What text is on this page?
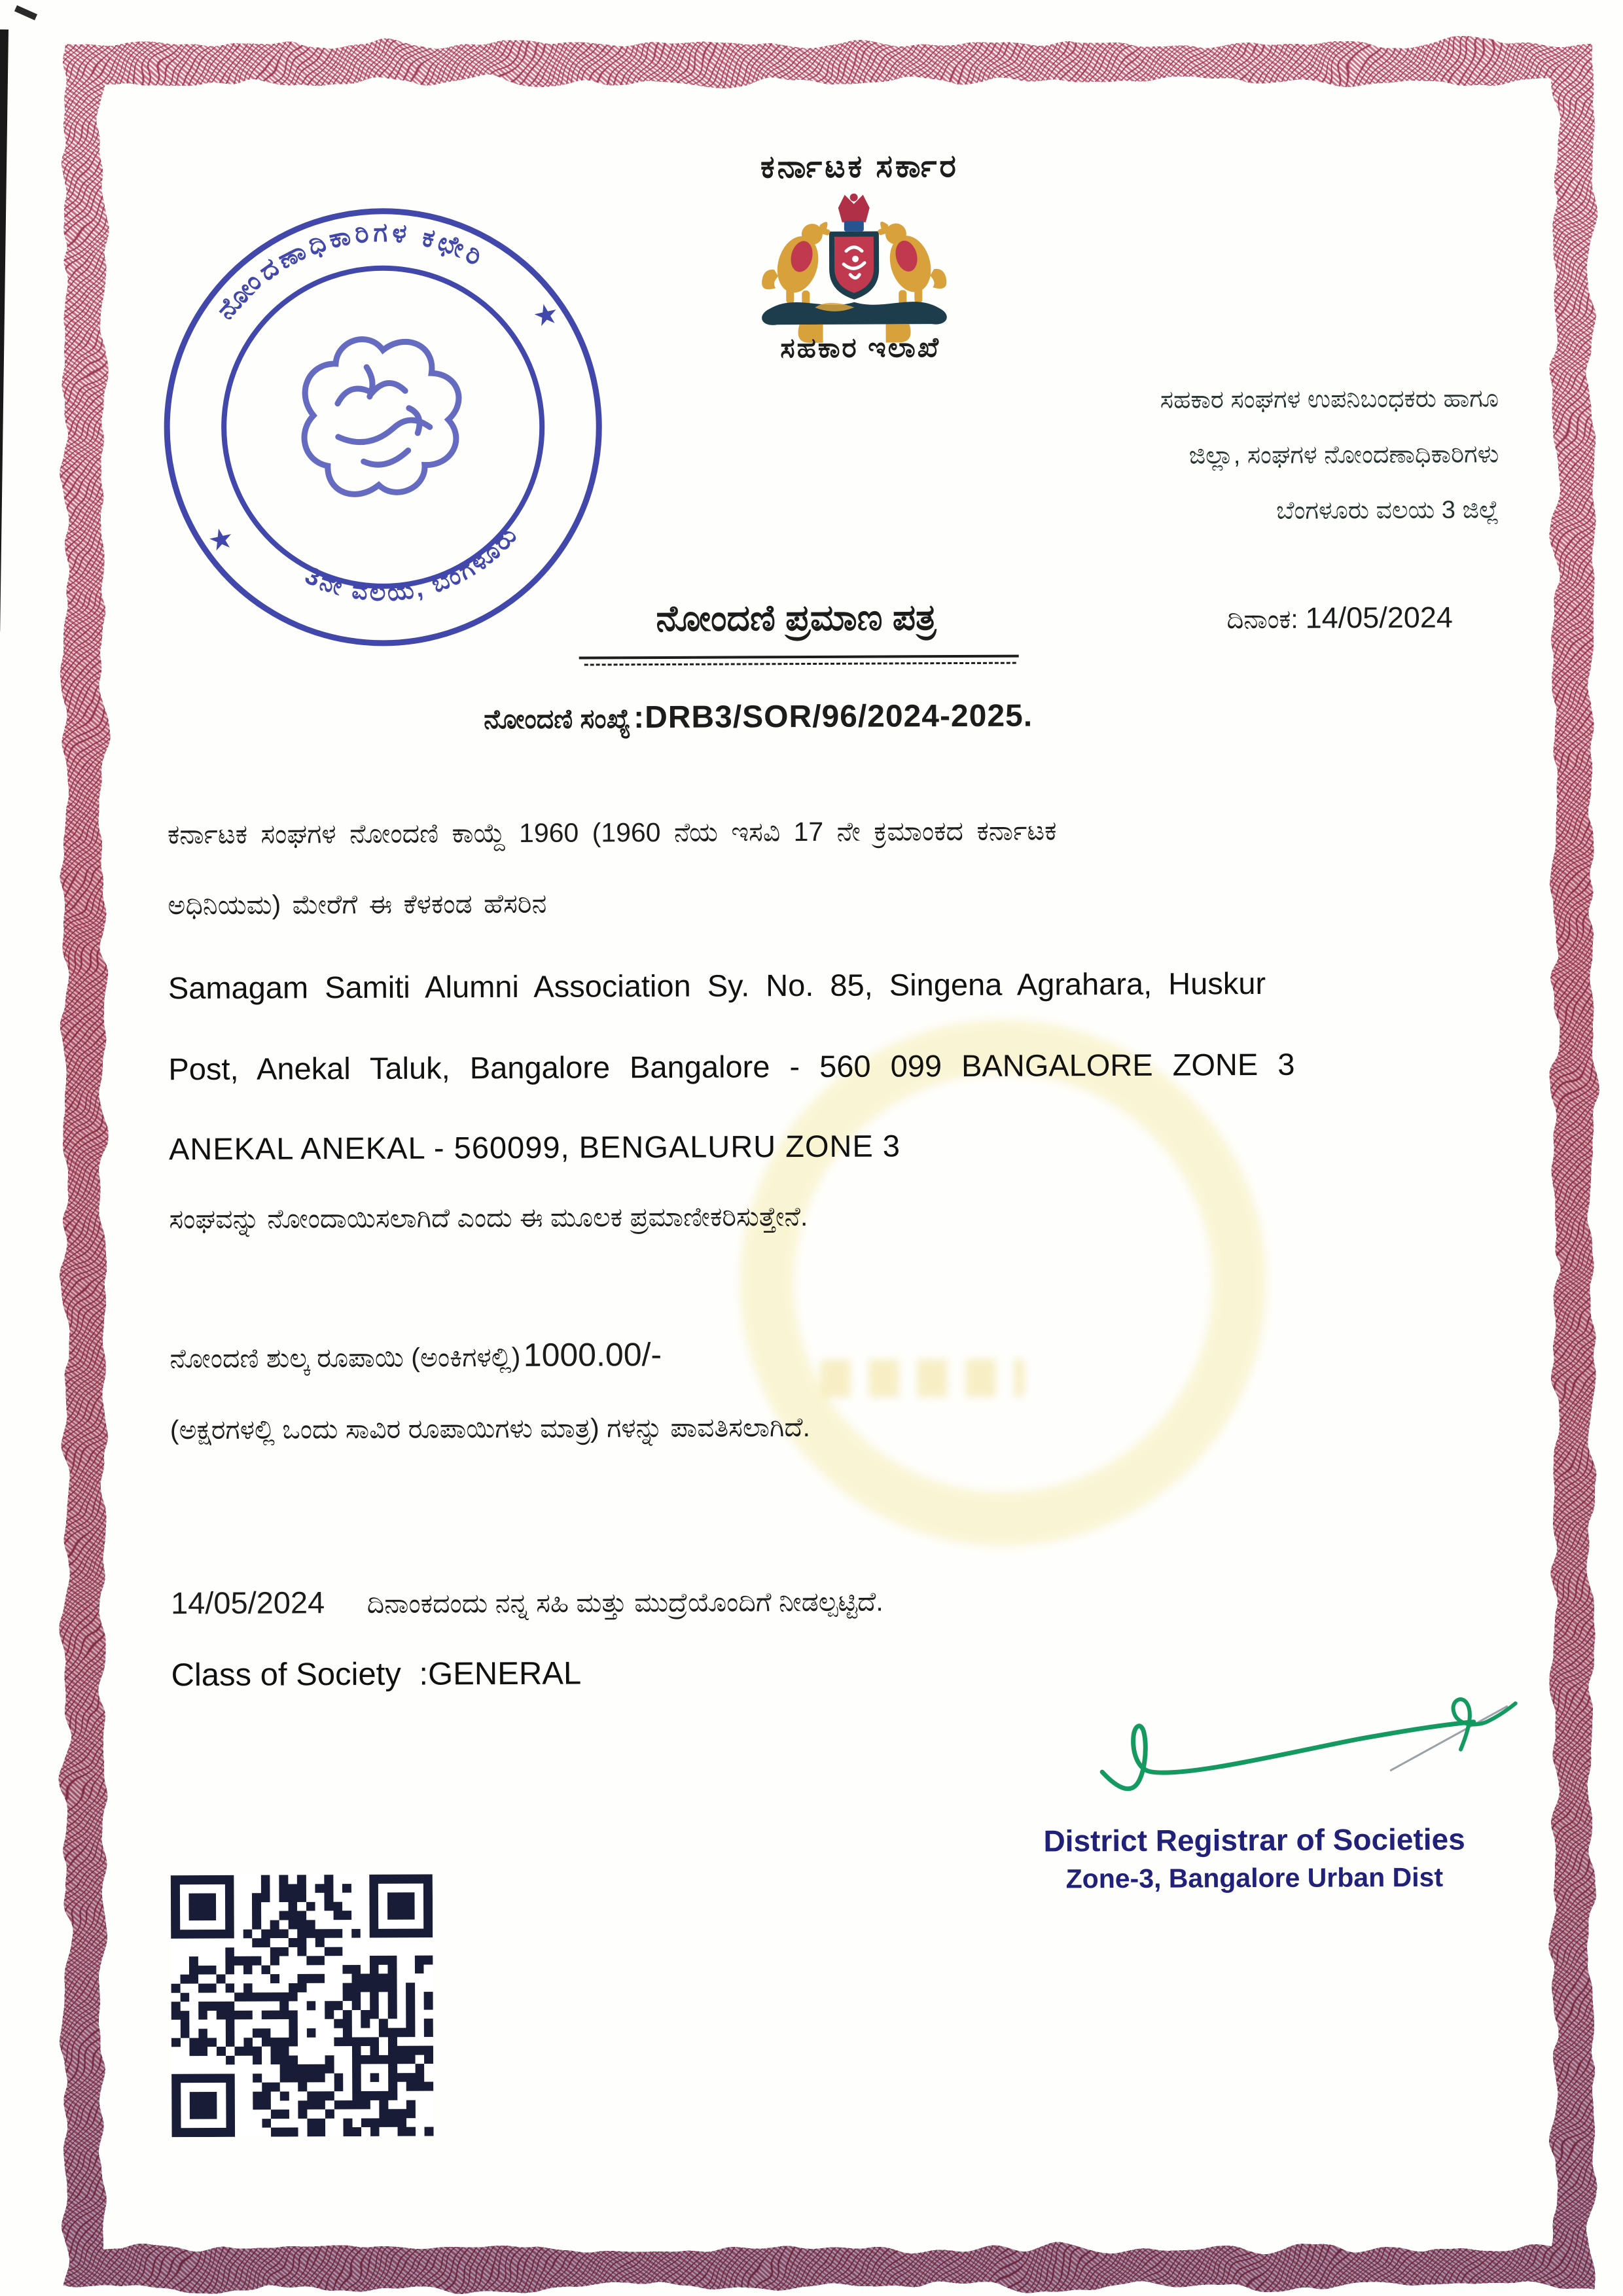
ಕರ್ನಾಟಕ ಸರ್ಕಾರ
ಸಹಕಾರ ಇಲಾಖೆ
ಸಹಕಾರ ಸಂಘಗಳ ಉಪನಿಬಂಧಕರು ಹಾಗೂ
ಜಿಲ್ಲಾ, ಸಂಘಗಳ ನೋಂದಣಾಧಿಕಾರಿಗಳು
ಬೆಂಗಳೂರು ವಲಯ 3 ಜಿಲ್ಲೆ
ದಿನಾಂಕ: 14/05/2024
ನೋಂದಣಾಧಿಕಾರಿಗಳ ಕಛೇರಿ
3ನೇ ವಲಯ, ಬೆಂಗಳೂರು
★
★
ನೋಂದಣಿ ಪ್ರಮಾಣ ಪತ್ರ
ನೋಂದಣಿ ಸಂಖ್ಯೆ :DRB3/SOR/96/2024-2025.
ಕರ್ನಾಟಕ ಸಂಘಗಳ ನೋಂದಣಿ ಕಾಯ್ದೆ 1960 (1960 ನೆಯ ಇಸವಿ 17 ನೇ ಕ್ರಮಾಂಕದ ಕರ್ನಾಟಕ
ಅಧಿನಿಯಮ) ಮೇರೆಗೆ ಈ ಕೆಳಕಂಡ ಹೆಸರಿನ
Samagam Samiti Alumni Association Sy. No. 85, Singena Agrahara, Huskur
Post, Anekal Taluk, Bangalore Bangalore - 560 099 BANGALORE ZONE 3
ANEKAL ANEKAL - 560099, BENGALURU ZONE 3
ಸಂಘವನ್ನು ನೋಂದಾಯಿಸಲಾಗಿದೆ ಎಂದು ಈ ಮೂಲಕ ಪ್ರಮಾಣೀಕರಿಸುತ್ತೇನೆ.
ನೋಂದಣಿ ಶುಲ್ಕ ರೂಪಾಯಿ (ಅಂಕಿಗಳಲ್ಲಿ) 1000.00/-
(ಅಕ್ಷರಗಳಲ್ಲಿ ಒಂದು ಸಾವಿರ ರೂಪಾಯಿಗಳು ಮಾತ್ರ) ಗಳನ್ನು ಪಾವತಿಸಲಾಗಿದೆ.
14/05/2024 ದಿನಾಂಕದಂದು ನನ್ನ ಸಹಿ ಮತ್ತು ಮುದ್ರೆಯೊಂದಿಗೆ ನೀಡಲ್ಪಟ್ಟಿದೆ.
Class of Society :GENERAL
District Registrar of Societies
Zone-3, Bangalore Urban Dist
